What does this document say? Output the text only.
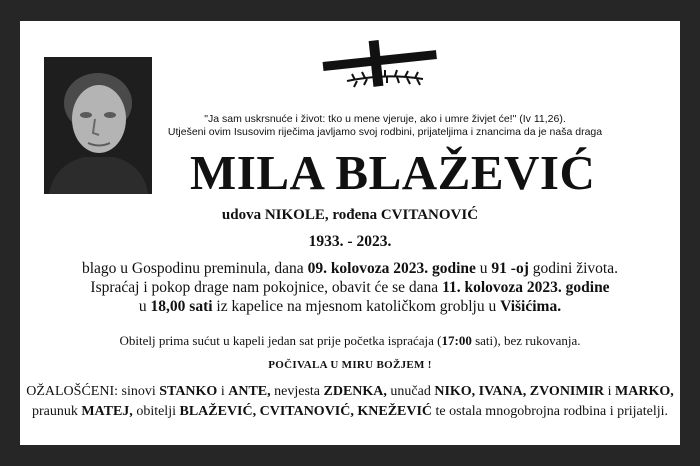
"Ja sam uskrsnuće i život: tko u mene vjeruje, ako i umre živjet će!" (Iv 11,26).
Utješeni ovim Isusovim riječima javljamo svoj rodbini, prijateljima i znancima da je naša draga
MILA BLAŽEVIĆ
udova NIKOLE, rođena CVITANOVIĆ
1933. - 2023.
blago u Gospodinu preminula, dana 09. kolovoza 2023. godine u 91 -oj godini života.
Ispraćaj i pokop drage nam pokojnice, obavit će se dana 11. kolovoza 2023. godine
u 18,00 sati iz kapelice na mjesnom katoličkom groblju u Višićima.
Obitelj prima sućut u kapeli jedan sat prije početka ispraćaja (17:00 sati), bez rukovanja.
POČIVALA U MIRU BOŽJEM !
OŽALOŠĆENI: sinovi STANKO i ANTE, nevjesta ZDENKA, unučad NIKO, IVANA, ZVONIMIR i MARKO,
praunuk MATEJ, obitelji BLAŽEVIĆ, CVITANOVIĆ, KNEŽEVIĆ te ostala mnogobrojna rodbina i prijatelji.
